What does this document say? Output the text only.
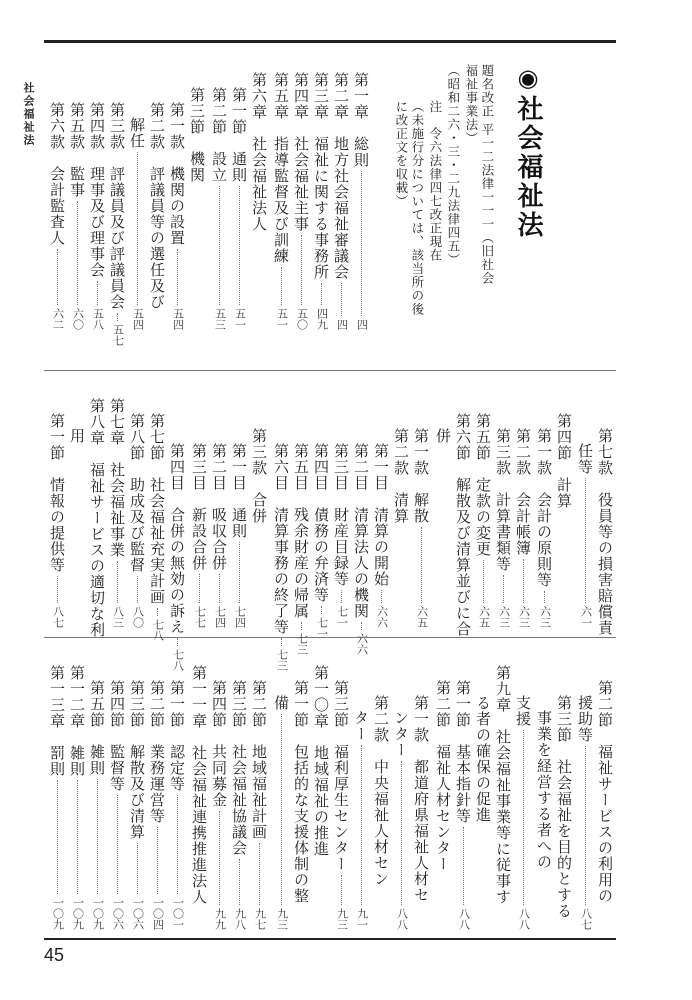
社会福祉法
◉社会福祉法
題名改正 平一二法律一一一（旧社会
福祉事業法）
（昭和二六・三・二九法律四五）
注　令六法律四七改正現在
（未施行分については、該当所の後
に改正文を収載）
第一章　総則
四
第二章　地方社会福祉審議会
四
第三章　福祉に関する事務所
四九
第四章　社会福祉主事
五〇
第五章　指導監督及び訓練
五一
第六章　社会福祉法人
第一節　通則
五一
第二節　設立
五三
第三節　機関
第一款　機関の設置
五四
第二款　評議員等の選任及び
解任
五四
第三款　評議員及び評議員会
五七
第四款　理事及び理事会
五八
第五款　監事
六〇
第六款　会計監査人
六二
第七款　役員等の損害賠償責
任等
六一
第四節　計算
第一款　会計の原則等
六三
第二款　会計帳簿
六三
第三款　計算書類等
六三
第五節　定款の変更
六五
第六節　解散及び清算並びに合
併
第一款　解散
六五
第二款　清算
第一目　清算の開始
六六
第二目　清算法人の機関
六六
第三目　財産目録等
七一
第四目　債務の弁済等
七一
第五目　残余財産の帰属
七三
第六目　清算事務の終了等
七三
第三款　合併
第一目　通則
七四
第二目　吸収合併
七四
第三目　新設合併
七七
第四目　合併の無効の訴え
七八
第七節　社会福祉充実計画
七八
第八節　助成及び監督
八〇
第七章　社会福祉事業
八三
第八章　福祉サービスの適切な利
用
第一節　情報の提供等
八七
第二節　福祉サービスの利用の
援助等
八七
第三節　社会福祉を目的とする
事業を経営する者への
支援
八八
第九章　社会福祉事業等に従事す
る者の確保の促進
第一節　基本指針等
八八
第二節　福祉人材センター
第一款　都道府県福祉人材セ
ンター
八八
第二款　中央福祉人材セン
ター
九一
第三節　福利厚生センター
九三
第一〇章　地域福祉の推進
第一節　包括的な支援体制の整
備
九三
第二節　地域福祉計画
九七
第三節　社会福祉協議会
九八
第四節　共同募金
九九
第一一章　社会福祉連携推進法人
第一節　認定等
一〇一
第二節　業務運営等
一〇四
第三節　解散及び清算
一〇六
第四節　監督等
一〇六
第五節　雑則
一〇九
第一二章　雑則
一〇九
第一三章　罰則
一〇九
45
